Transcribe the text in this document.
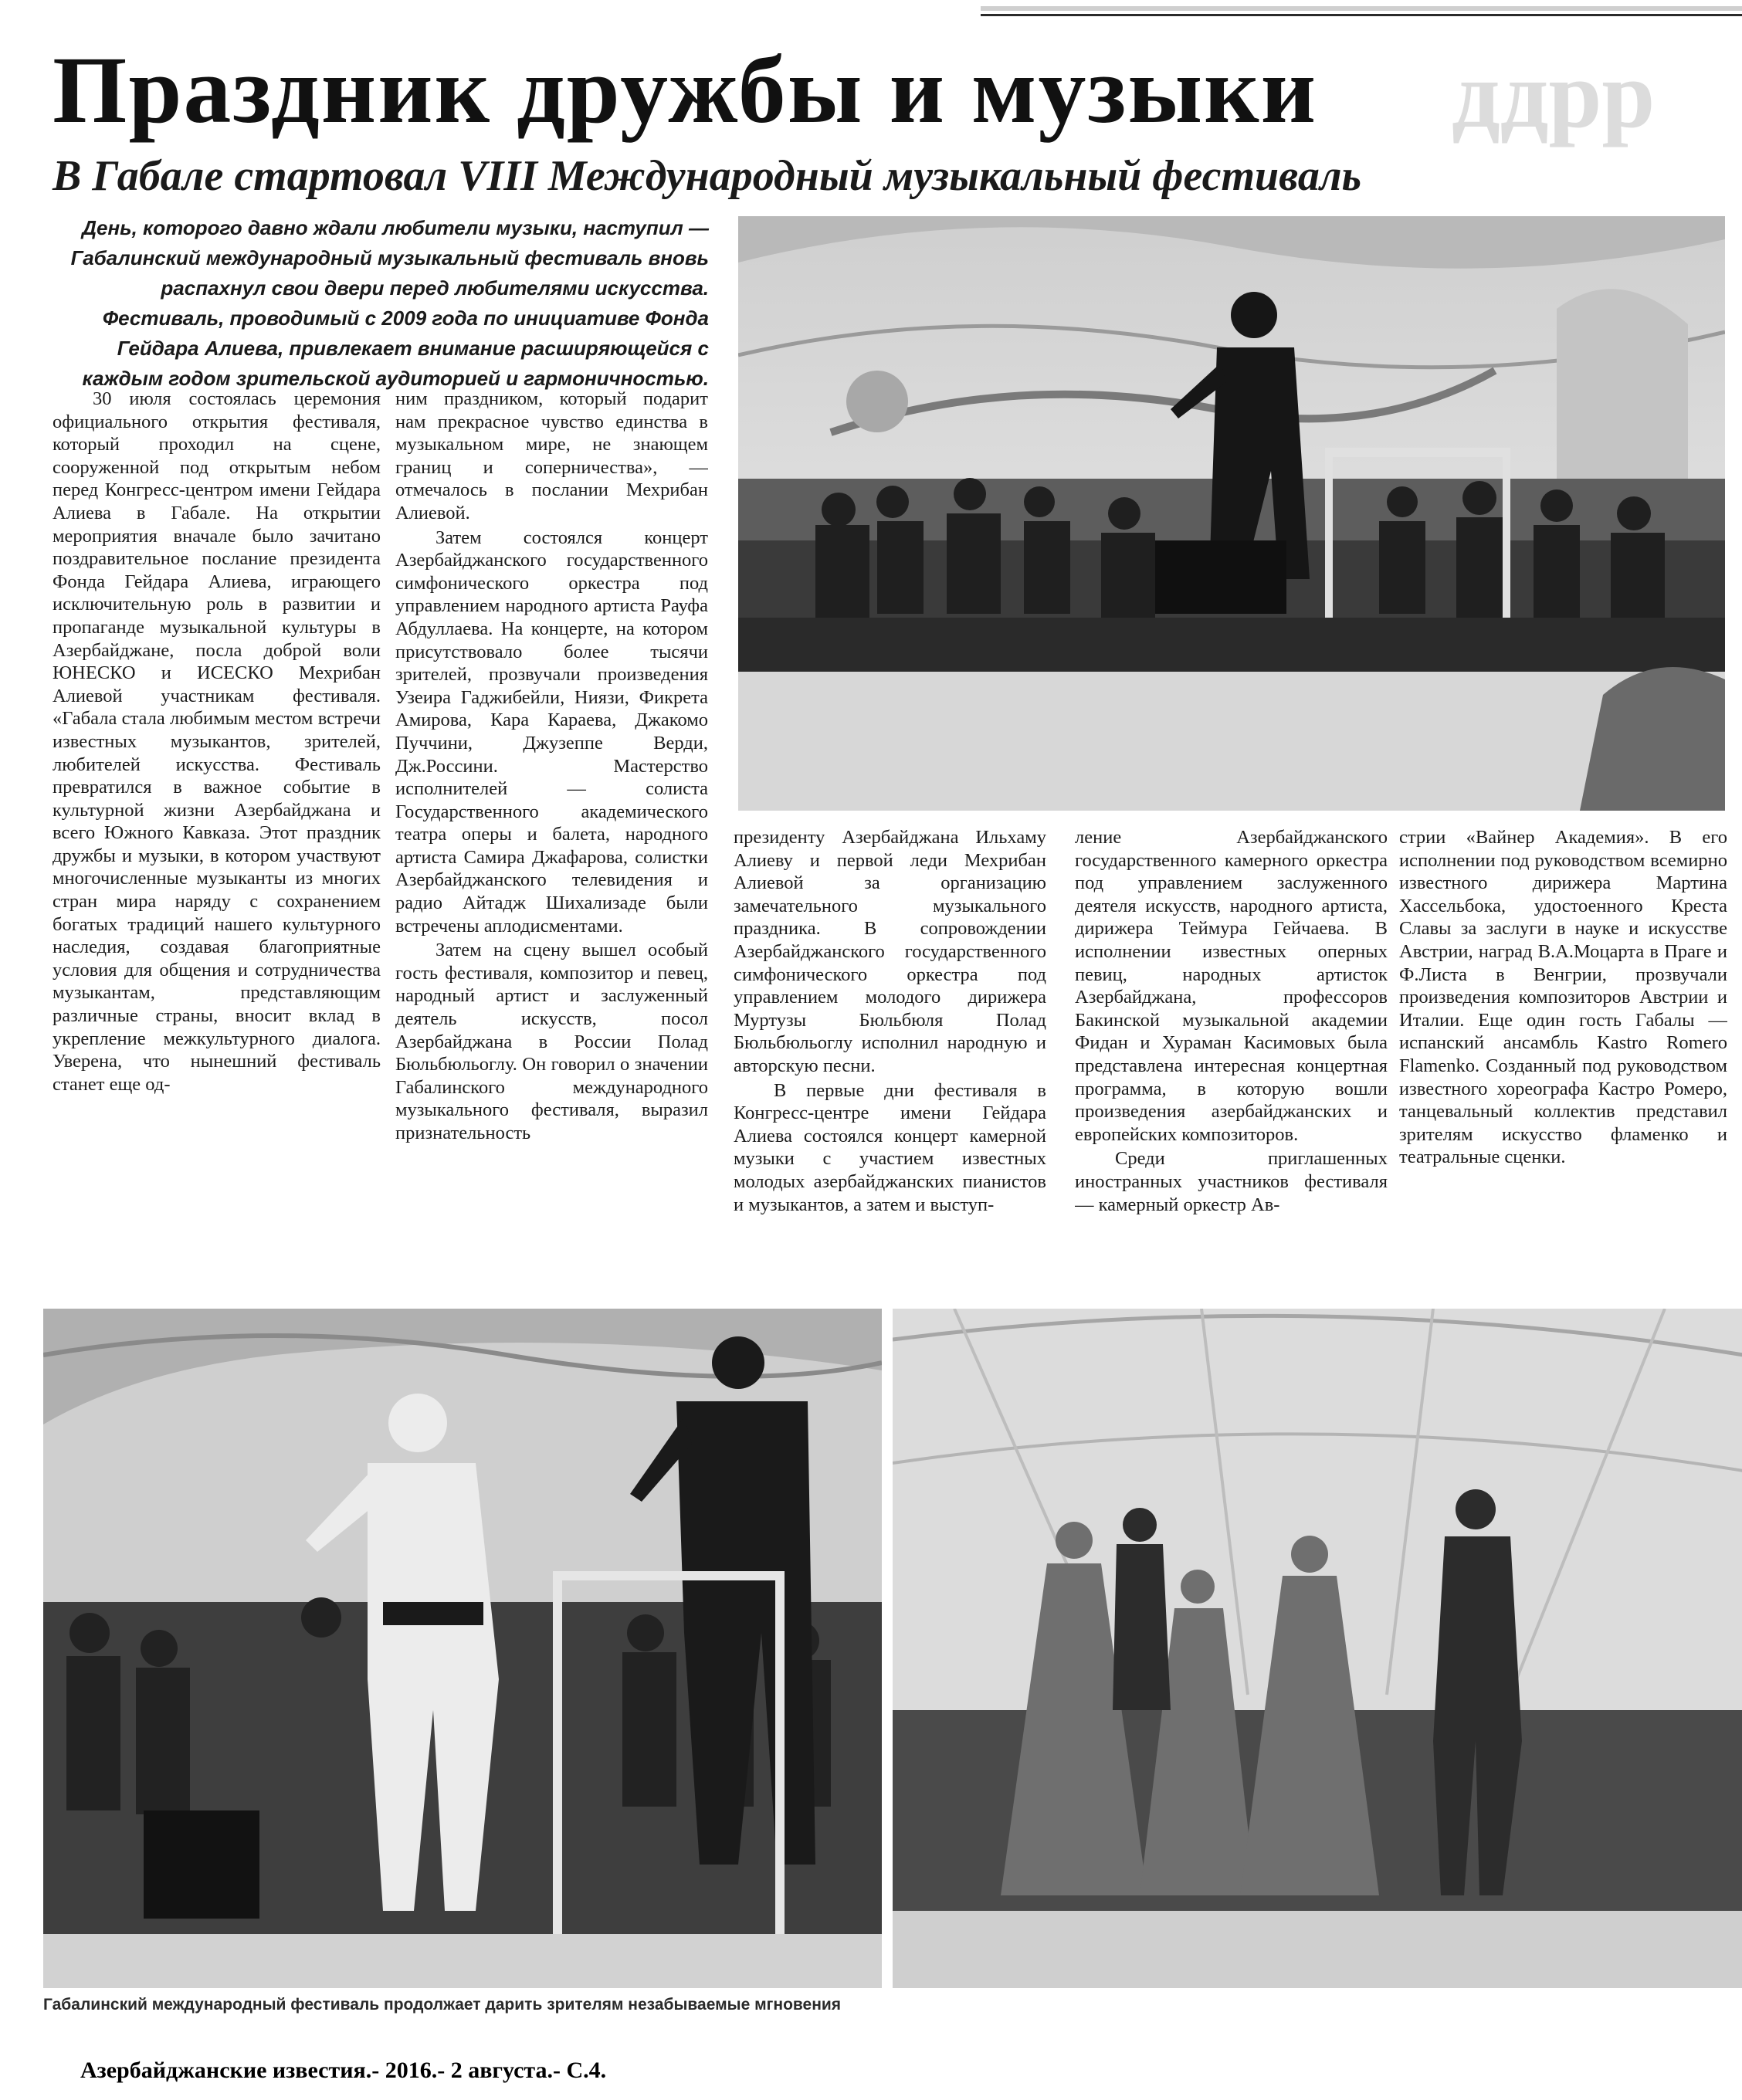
ддрр
Праздник дружбы и музыки
В Габале стартовал VIII Международный музыкальный фестиваль
День, которого давно ждали любители музыки, наступил — Габалинский международный музыкальный фестиваль вновь распахнул свои двери перед любителями искусства. Фестиваль, проводимый с 2009 года по инициативе Фонда Гейдара Алиева, привлекает внимание расширяющейся с каждым годом зрительской аудиторией и гармоничностью.

30 июля состоялась церемония официального открытия фестиваля, который проходил на сцене, сооруженной под открытым небом перед Конгресс-центром имени Гейдара Алиева в Габале. На открытии мероприятия вначале было зачитано поздравительное послание президента Фонда Гейдара Алиева, играющего исключительную роль в развитии и пропаганде музыкальной культуры в Азербайджане, посла доброй воли ЮНЕСКО и ИСЕСКО Мехрибан Алиевой участникам фестиваля. «Габала стала любимым местом встречи известных музыкантов, зрителей, любителей искусства. Фестиваль превратился в важное событие в культурной жизни Азербайджана и всего Южного Кавказа. Этот праздник дружбы и музыки, в котором участвуют многочисленные музыканты из многих стран мира наряду с сохранением богатых традиций нашего культурного наследия, создавая благоприятные условия для общения и сотрудничества музыкантам, представляющим различные страны, вносит вклад в укрепление межкультурного диалога. Уверена, что нынешний фестиваль станет еще од-

ним праздником, который подарит нам прекрасное чувство единства в музыкальном мире, не знающем границ и соперничества», — отмечалось в послании Мехрибан Алиевой.

Затем состоялся концерт Азербайджанского государственного симфонического оркестра под управлением народного артиста Рауфа Абдуллаева. На концерте, на котором присутствовало более тысячи зрителей, прозвучали произведения Узеира Гаджибейли, Ниязи, Фикрета Амирова, Кара Караева, Джакомо Пуччини, Джузеппе Верди, Дж.Россини. Мастерство исполнителей — солиста Государственного академического театра оперы и балета, народного артиста Самира Джафарова, солистки Азербайджанского телевидения и радио Айтадж Шихализаде были встречены аплодисментами.

Затем на сцену вышел особый гость фестиваля, композитор и певец, народный артист и заслуженный деятель искусств, посол Азербайджана в России Полад Бюльбюльоглу. Он говорил о значении Габалинского международного музыкального фестиваля, выразил признательность

президенту Азербайджана Ильхаму Алиеву и первой леди Мехрибан Алиевой за организацию замечательного музыкального праздника. В сопровождении Азербайджанского государственного симфонического оркестра под управлением молодого дирижера Муртузы Бюльбюля Полад Бюльбюльоглу исполнил народную и авторскую песни.

В первые дни фестиваля в Конгресс-центре имени Гейдара Алиева состоялся концерт камерной музыки с участием известных молодых азербайджанских пианистов и музыкантов, а затем и выступ-

ление Азербайджанского государственного камерного оркестра под управлением заслуженного деятеля искусств, народного артиста, дирижера Теймура Гейчаева. В исполнении известных оперных певиц, народных артисток Азербайджана, профессоров Бакинской музыкальной академии Фидан и Хураман Касимовых была представлена интересная концертная программа, в которую вошли произведения азербайджанских и европейских композиторов.

Среди приглашенных иностранных участников фестиваля — камерный оркестр Ав-

стрии «Вайнер Академия». В его исполнении под руководством всемирно известного дирижера Мартина Хассельбока, удостоенного Креста Славы за заслуги в науке и искусстве Австрии, наград В.А.Моцарта в Праге и Ф.Листа в Венгрии, прозвучали произведения композиторов Австрии и Италии. Еще один гость Габалы — испанский ансамбль Kastro Romero Flamenko. Созданный под руководством известного хореографа Кастро Ромеро, танцевальный коллектив представил зрителям искусство фламенко и театральные сценки.

Габалинский международный фестиваль продолжает дарить зрителям незабываемые мгновения
Азербайджанские известия.- 2016.- 2 августа.- С.4.
